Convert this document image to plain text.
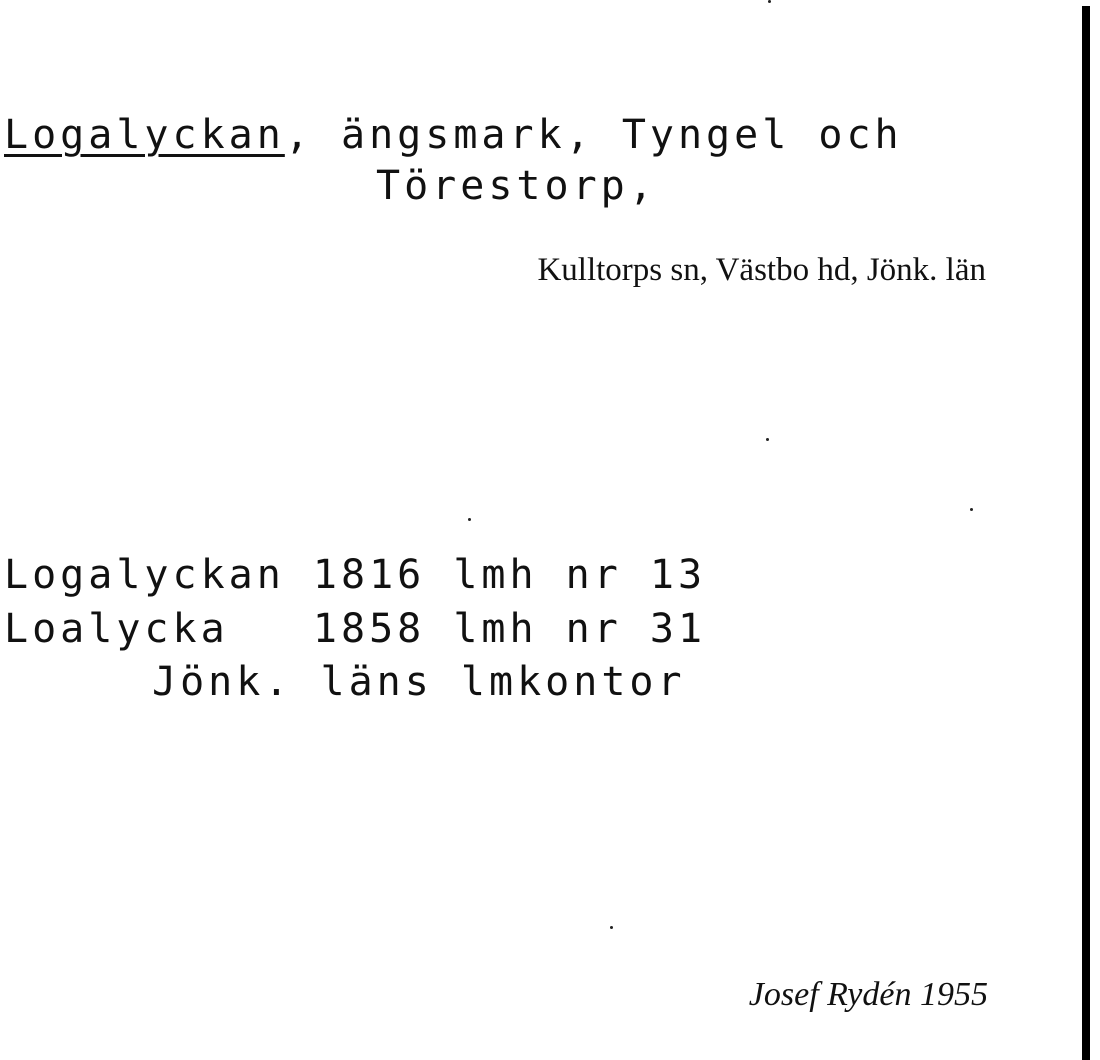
Logalyckan, ängsmark, Tyngel och
Törestorp,
Kulltorps sn, Västbo hd, Jönk. län
Logalyckan 1816 lmh nr 13
Loalycka   1858 lmh nr 31
Jönk. läns lmkontor
Josef Rydén 1955
